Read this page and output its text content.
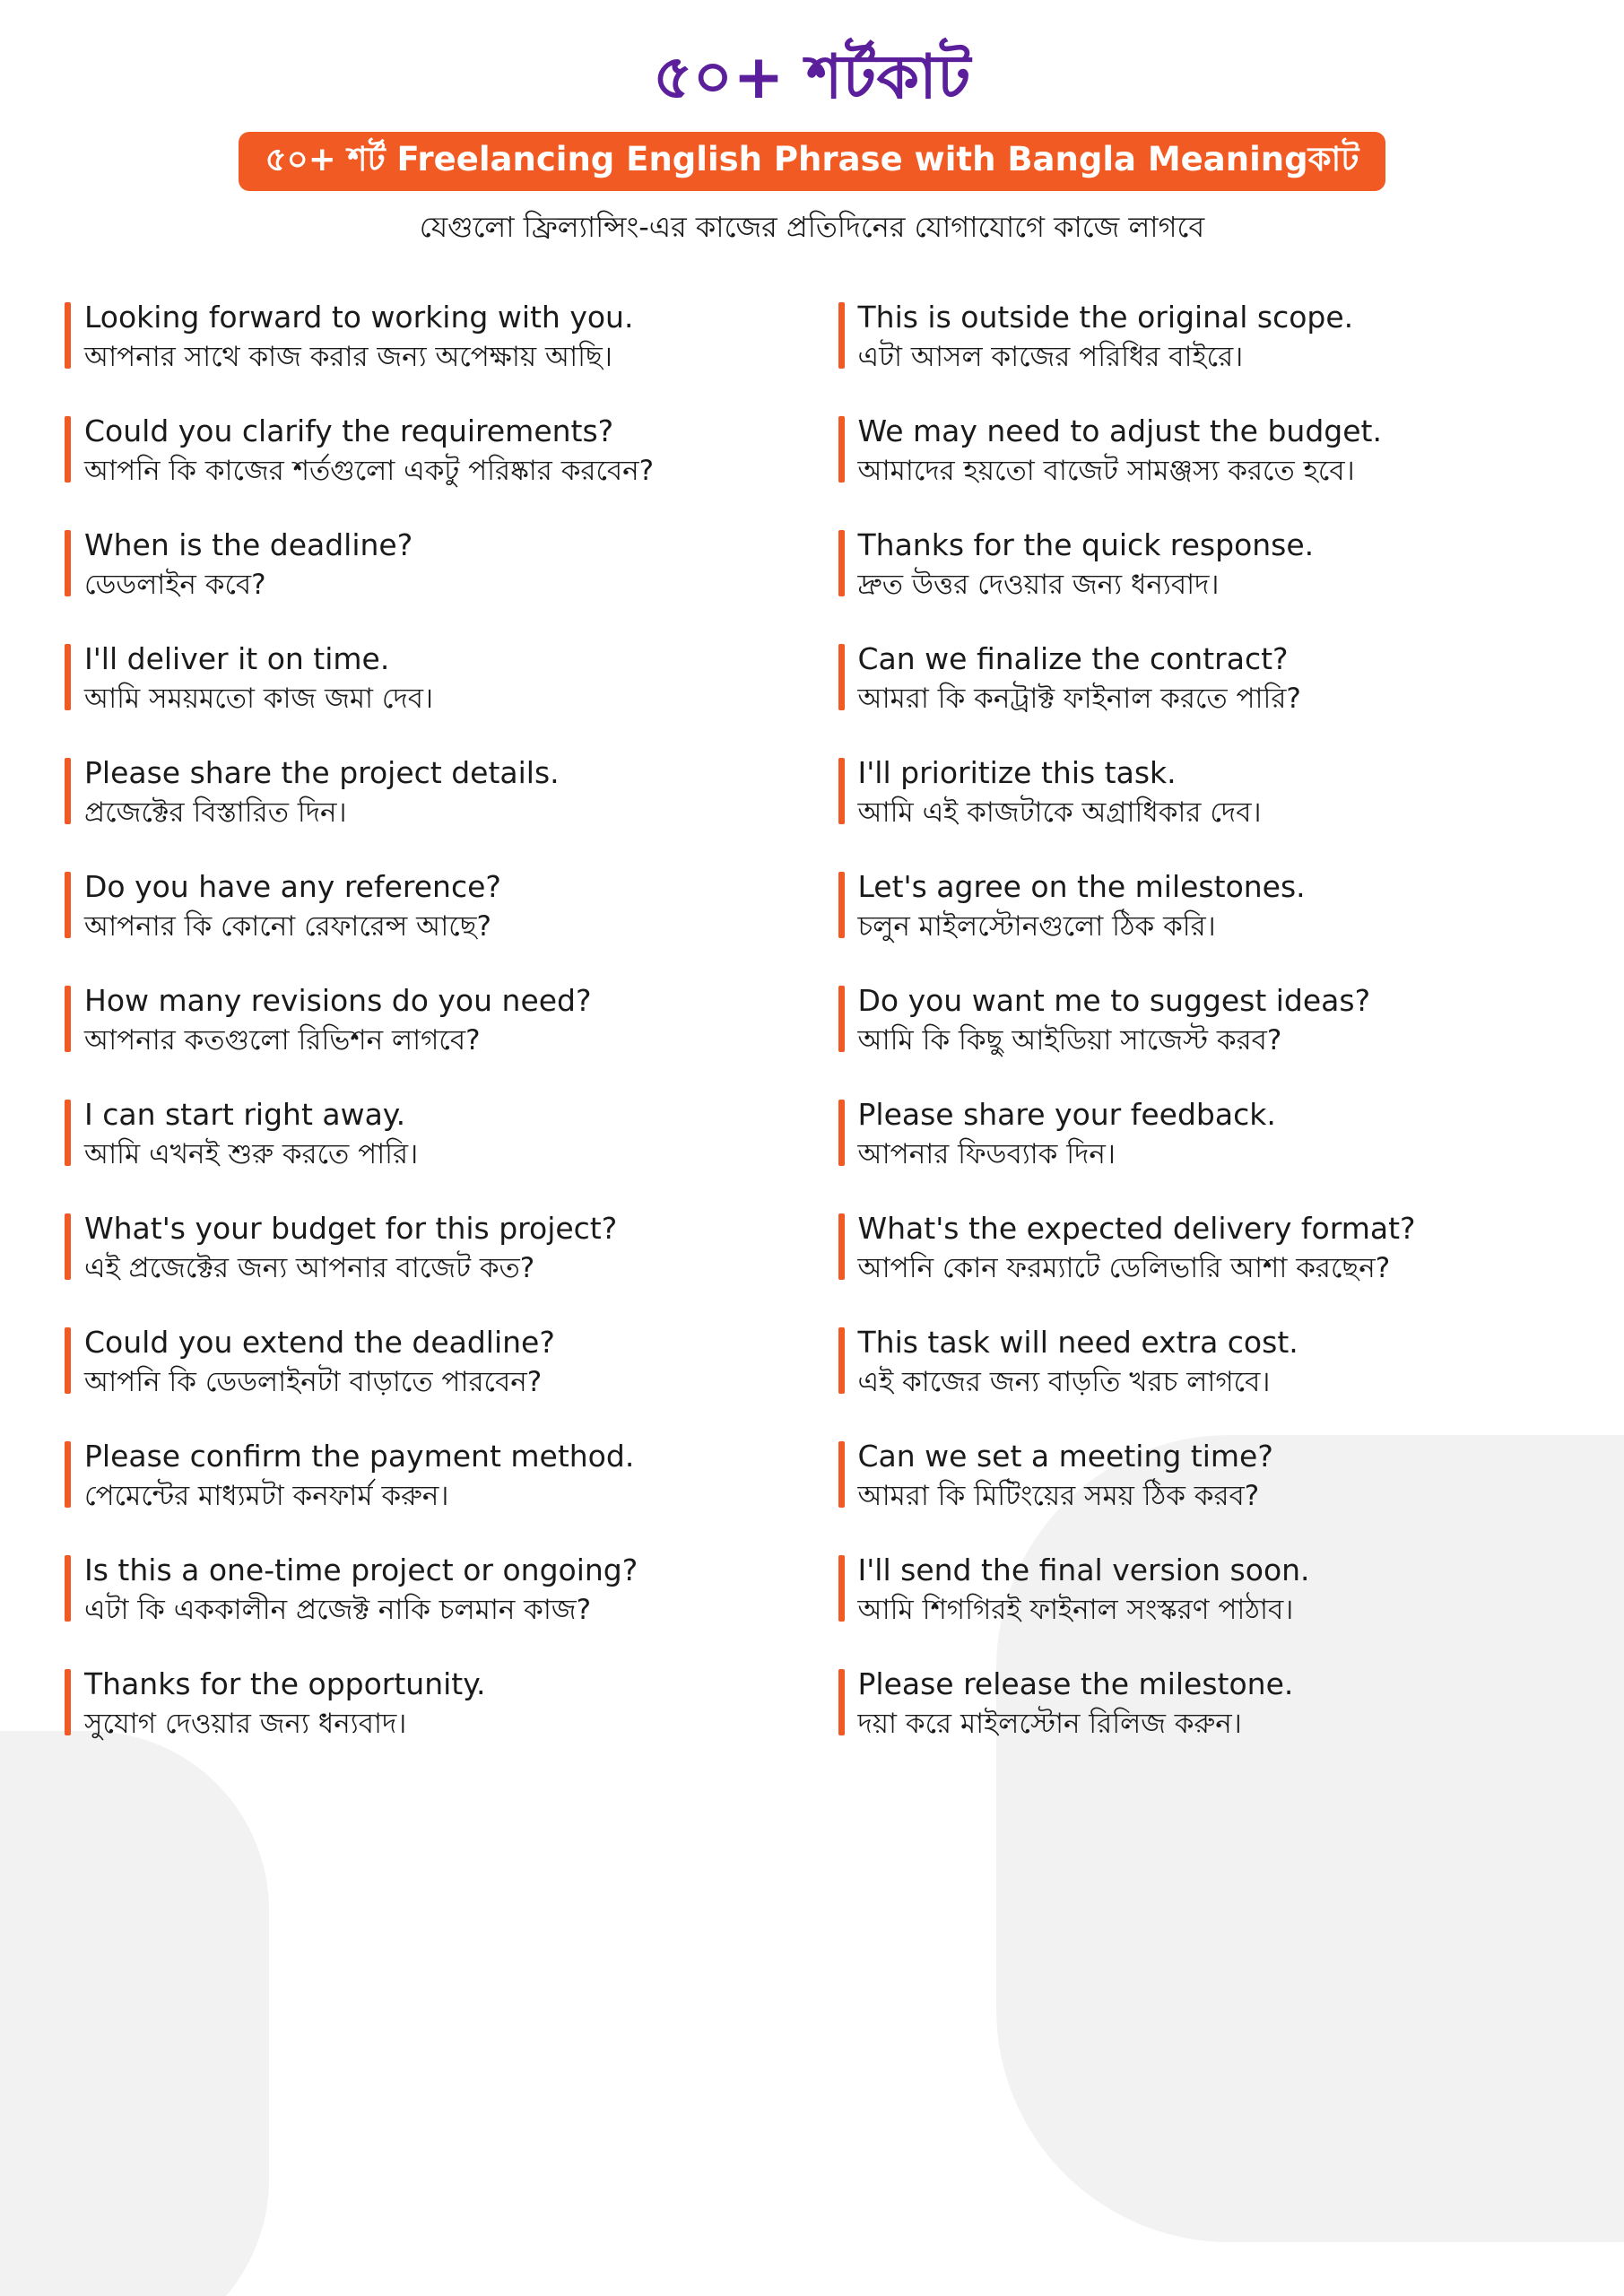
৫০+ শর্টকাট
৫০+ শর্ট Freelancing English Phrase with Bangla Meaningকাট
যেগুলো ফ্রিল্যান্সিং-এর কাজের প্রতিদিনের যোগাযোগে কাজে লাগবে
Looking forward to working with you.
আপনার সাথে কাজ করার জন্য অপেক্ষায় আছি।
Could you clarify the requirements?
আপনি কি কাজের শর্তগুলো একটু পরিষ্কার করবেন?
When is the deadline?
ডেডলাইন কবে?
I'll deliver it on time.
আমি সময়মতো কাজ জমা দেব।
Please share the project details.
প্রজেক্টের বিস্তারিত দিন।
Do you have any reference?
আপনার কি কোনো রেফারেন্স আছে?
How many revisions do you need?
আপনার কতগুলো রিভিশন লাগবে?
I can start right away.
আমি এখনই শুরু করতে পারি।
What's your budget for this project?
এই প্রজেক্টের জন্য আপনার বাজেট কত?
Could you extend the deadline?
আপনি কি ডেডলাইনটা বাড়াতে পারবেন?
Please confirm the payment method.
পেমেন্টের মাধ্যমটা কনফার্ম করুন।
Is this a one-time project or ongoing?
এটা কি এককালীন প্রজেক্ট নাকি চলমান কাজ?
Thanks for the opportunity.
সুযোগ দেওয়ার জন্য ধন্যবাদ।
This is outside the original scope.
এটা আসল কাজের পরিধির বাইরে।
We may need to adjust the budget.
আমাদের হয়তো বাজেট সামঞ্জস্য করতে হবে।
Thanks for the quick response.
দ্রুত উত্তর দেওয়ার জন্য ধন্যবাদ।
Can we finalize the contract?
আমরা কি কনট্রাক্ট ফাইনাল করতে পারি?
I'll prioritize this task.
আমি এই কাজটাকে অগ্রাধিকার দেব।
Let's agree on the milestones.
চলুন মাইলস্টোনগুলো ঠিক করি।
Do you want me to suggest ideas?
আমি কি কিছু আইডিয়া সাজেস্ট করব?
Please share your feedback.
আপনার ফিডব্যাক দিন।
What's the expected delivery format?
আপনি কোন ফরম্যাটে ডেলিভারি আশা করছেন?
This task will need extra cost.
এই কাজের জন্য বাড়তি খরচ লাগবে।
Can we set a meeting time?
আমরা কি মিটিংয়ের সময় ঠিক করব?
I'll send the final version soon.
আমি শিগগিরই ফাইনাল সংস্করণ পাঠাব।
Please release the milestone.
দয়া করে মাইলস্টোন রিলিজ করুন।
